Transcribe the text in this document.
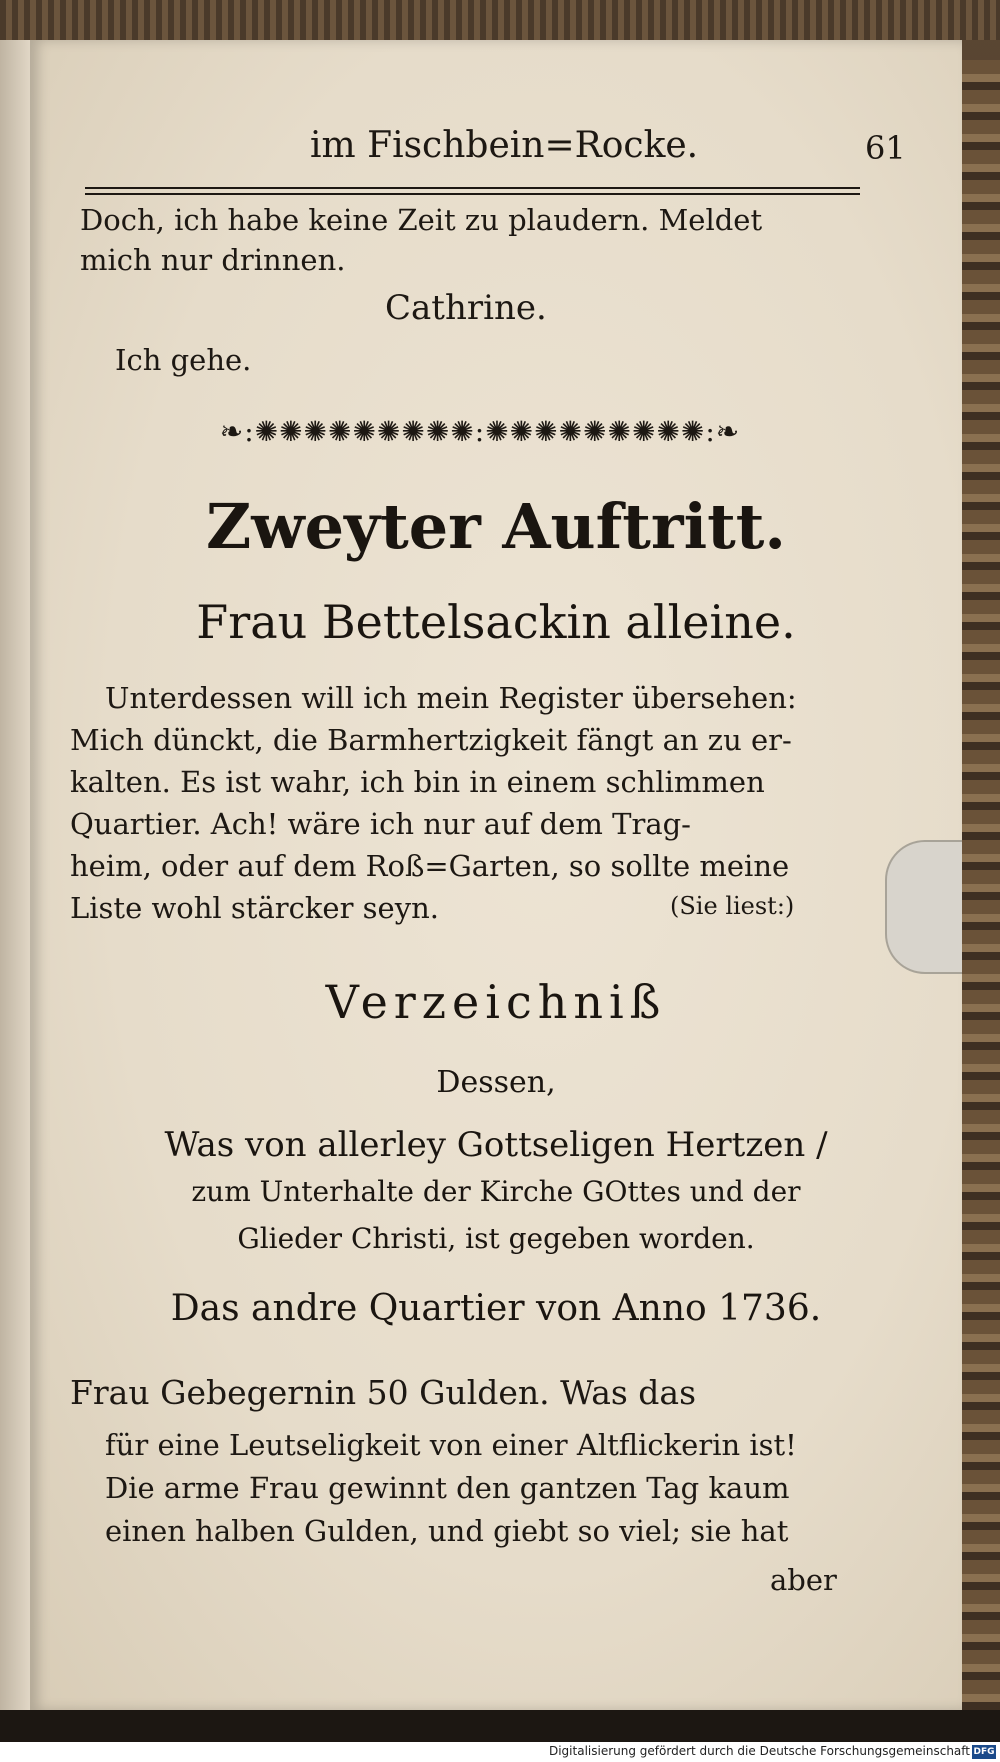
im Fischbein=Rocke.	61
Doch, ich habe keine Zeit zu plaudern. Meldet
mich nur drinnen.
Cathrine.
Ich gehe.
❧:✺✺✺✺✺✺✺✺✺:✺✺✺✺✺✺✺✺✺:❧
Zweyter Auftritt.
Frau Bettelsackin alleine.
Unterdessen will ich mein Register übersehen:
Mich dünckt, die Barmhertzigkeit fängt an zu er-
kalten. Es ist wahr, ich bin in einem schlimmen
Quartier. Ach! wäre ich nur auf dem Trag-
heim, oder auf dem Roß=Garten, so sollte meine
Liste wohl stärcker seyn.	(Sie liest:)
Verzeichniß
Dessen,
Was von allerley Gottseligen Hertzen /
zum Unterhalte der Kirche GOttes und der
Glieder Christi, ist gegeben worden.
Das andre Quartier von Anno 1736.
Frau Gebegernin 50 Gulden. Was das
für eine Leutseligkeit von einer Altflickerin ist!
Die arme Frau gewinnt den gantzen Tag kaum
einen halben Gulden, und giebt so viel; sie hat
aber
Digitalisierung gefördert durch die Deutsche Forschungsgemeinschaft DFG
